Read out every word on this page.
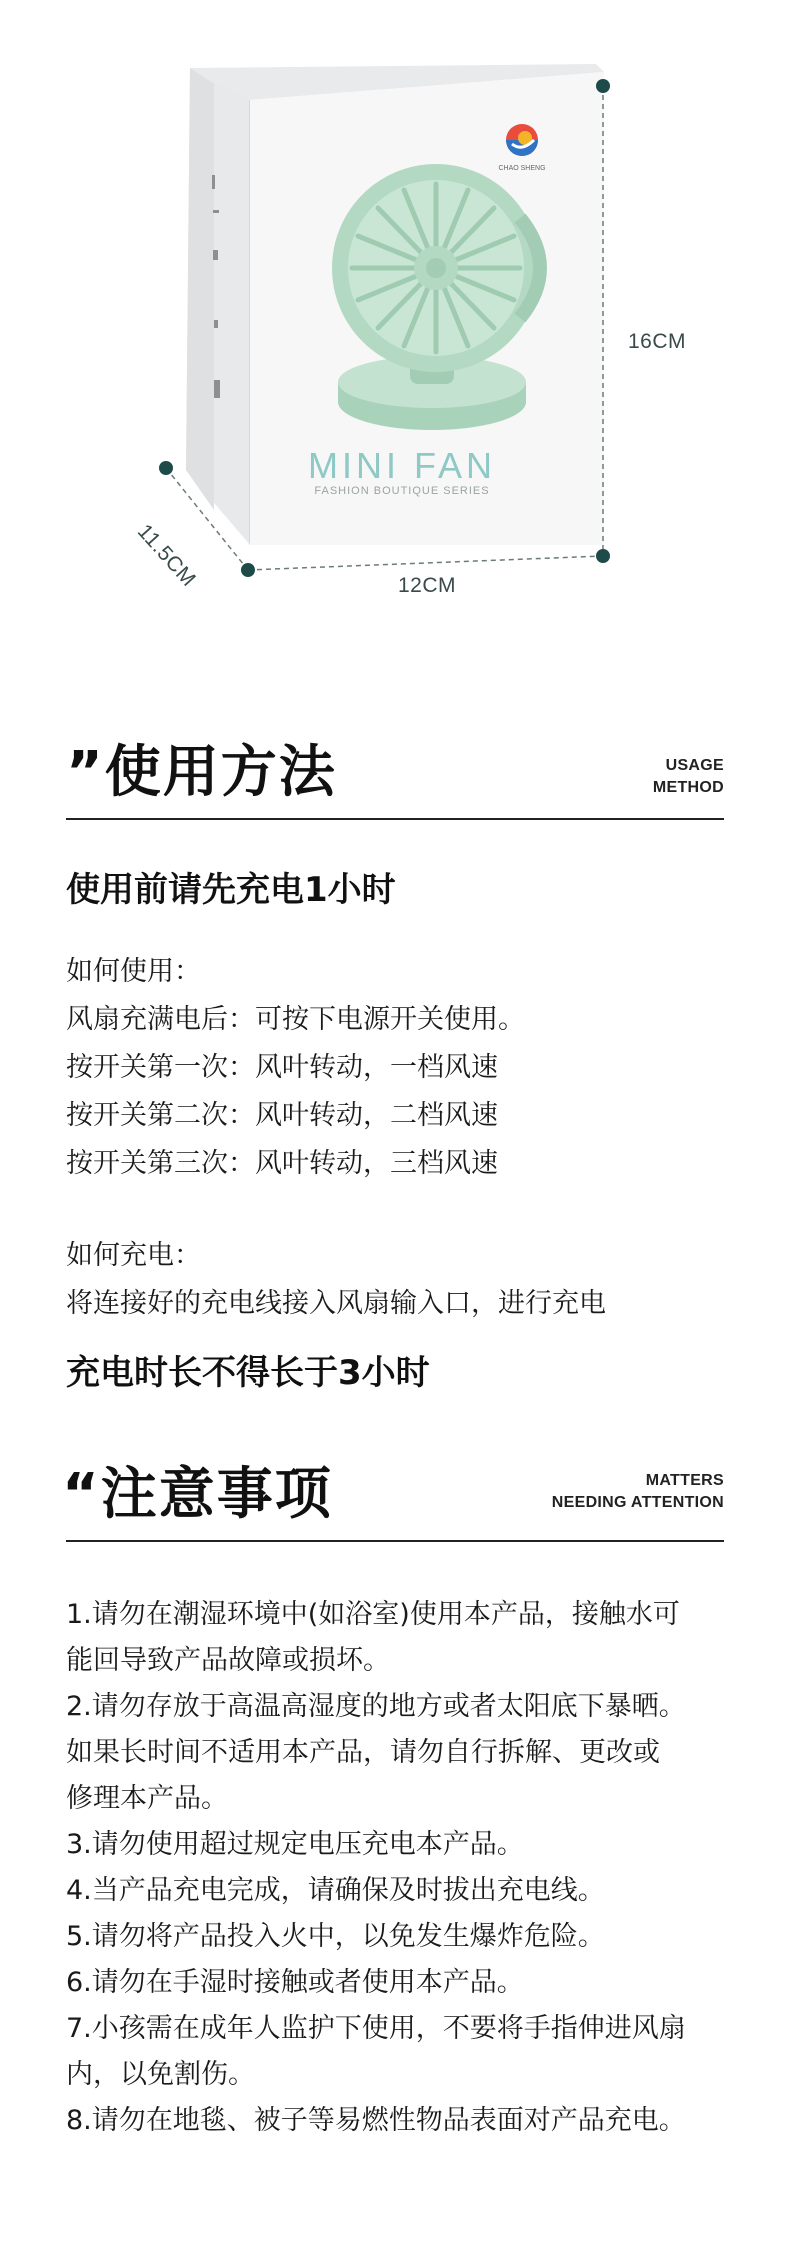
CHAO SHENG
MINI FAN
FASHION BOUTIQUE SERIES
16CM
12CM
11.5CM
”使用方法	USAGE
METHOD
使用前请先充电1小时
如何使用：
风扇充满电后：可按下电源开关使用。
按开关第一次：风叶转动，一档风速
按开关第二次：风叶转动，二档风速
按开关第三次：风叶转动，三档风速
如何充电：
将连接好的充电线接入风扇输入口，进行充电
充电时长不得长于3小时
“注意事项	MATTERS
NEEDING ATTENTION
1.请勿在潮湿环境中(如浴室)使用本产品，接触水可
能回导致产品故障或损坏。
2.请勿存放于高温高湿度的地方或者太阳底下暴晒。
如果长时间不适用本产品，请勿自行拆解、更改或
修理本产品。
3.请勿使用超过规定电压充电本产品。
4.当产品充电完成，请确保及时拔出充电线。
5.请勿将产品投入火中，以免发生爆炸危险。
6.请勿在手湿时接触或者使用本产品。
7.小孩需在成年人监护下使用，不要将手指伸进风扇
内，以免割伤。
8.请勿在地毯、被子等易燃性物品表面对产品充电。
